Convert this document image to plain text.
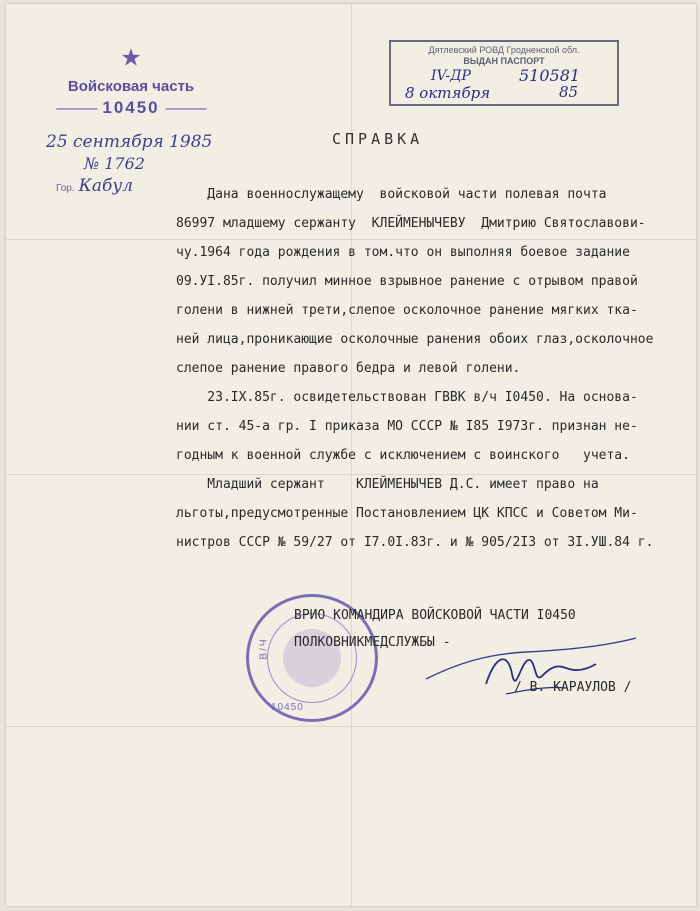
★
Войсковая часть
———— 10450 ————
25 сентября 1985
№ 1762
Гор. Кабул
Дятлевский РОВД Гродненской обл.
ВЫДАН ПАСПОРТ
IV-ДР	510581
8 октября	85
СПРАВКА
Дана военнослужащему  войсковой части полевая почта
86997 младшему сержанту  КЛЕЙМЕНЫЧЕВУ  Дмитрию Святославови-
чу.1964 года рождения в том.что он выполняя боевое задание
09.УI.85г. получил минное взрывное ранение с отрывом правой
голени в нижней трети,слепое осколочное ранение мягких тка-
ней лица,проникающие осколочные ранения обоих глаз,осколочное
слепое ранение правого бедра и левой голени.
23.IX.85г. освидетельствован ГВВК в/ч I0450. На основа-
нии ст. 45-а гр. I приказа МО СССР № I85 I973г. признан не-
годным к военной службе с исключением с воинского   учета.
Младший сержант    КЛЕЙМЕНЫЧЕВ Д.С. имеет право на
льготы,предусмотренные Постановлением ЦК КПСС и Советом Ми-
нистров СССР № 59/27 от I7.0I.83г. и № 905/2I3 от 3I.УШ.84 г.
В/Ч
10450
ВРИО КОМАНДИРА ВОЙСКОВОЙ ЧАСТИ I0450
ПОЛКОВНИКМЕДСЛУЖБЫ -
/ В. КАРАУЛОВ /
